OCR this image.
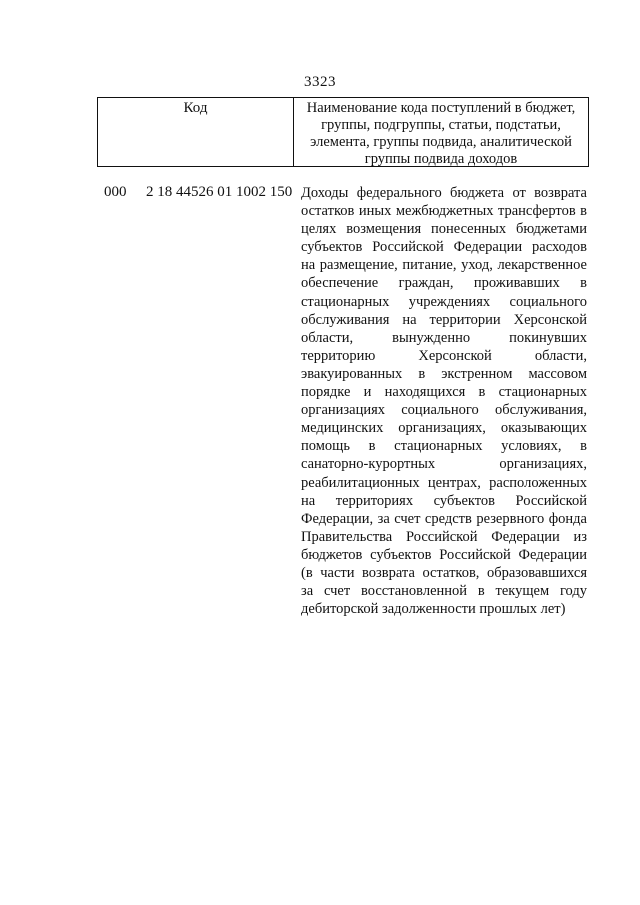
3323
Код	Наименование кода поступлений в бюджет,
группы, подгруппы, статьи, подстатьи,
элемента, группы подвида, аналитической
группы подвида доходов
000 2 18 44526 01 1002 150 Доходы федерального бюджета от возврата
остатков иных межбюджетных трансфертов в
целях возмещения понесенных бюджетами
субъектов Российской Федерации расходов
на размещение, питание, уход, лекарственное
обеспечение граждан, проживавших в
стационарных учреждениях социального
обслуживания на территории Херсонской
области, вынужденно покинувших
территорию Херсонской области,
эвакуированных в экстренном массовом
порядке и находящихся в стационарных
организациях социального обслуживания,
медицинских организациях, оказывающих
помощь в стационарных условиях, в
санаторно-курортных организациях,
реабилитационных центрах, расположенных
на территориях субъектов Российской
Федерации, за счет средств резервного фонда
Правительства Российской Федерации из
бюджетов субъектов Российской Федерации
(в части возврата остатков, образовавшихся
за счет восстановленной в текущем году
дебиторской задолженности прошлых лет)
